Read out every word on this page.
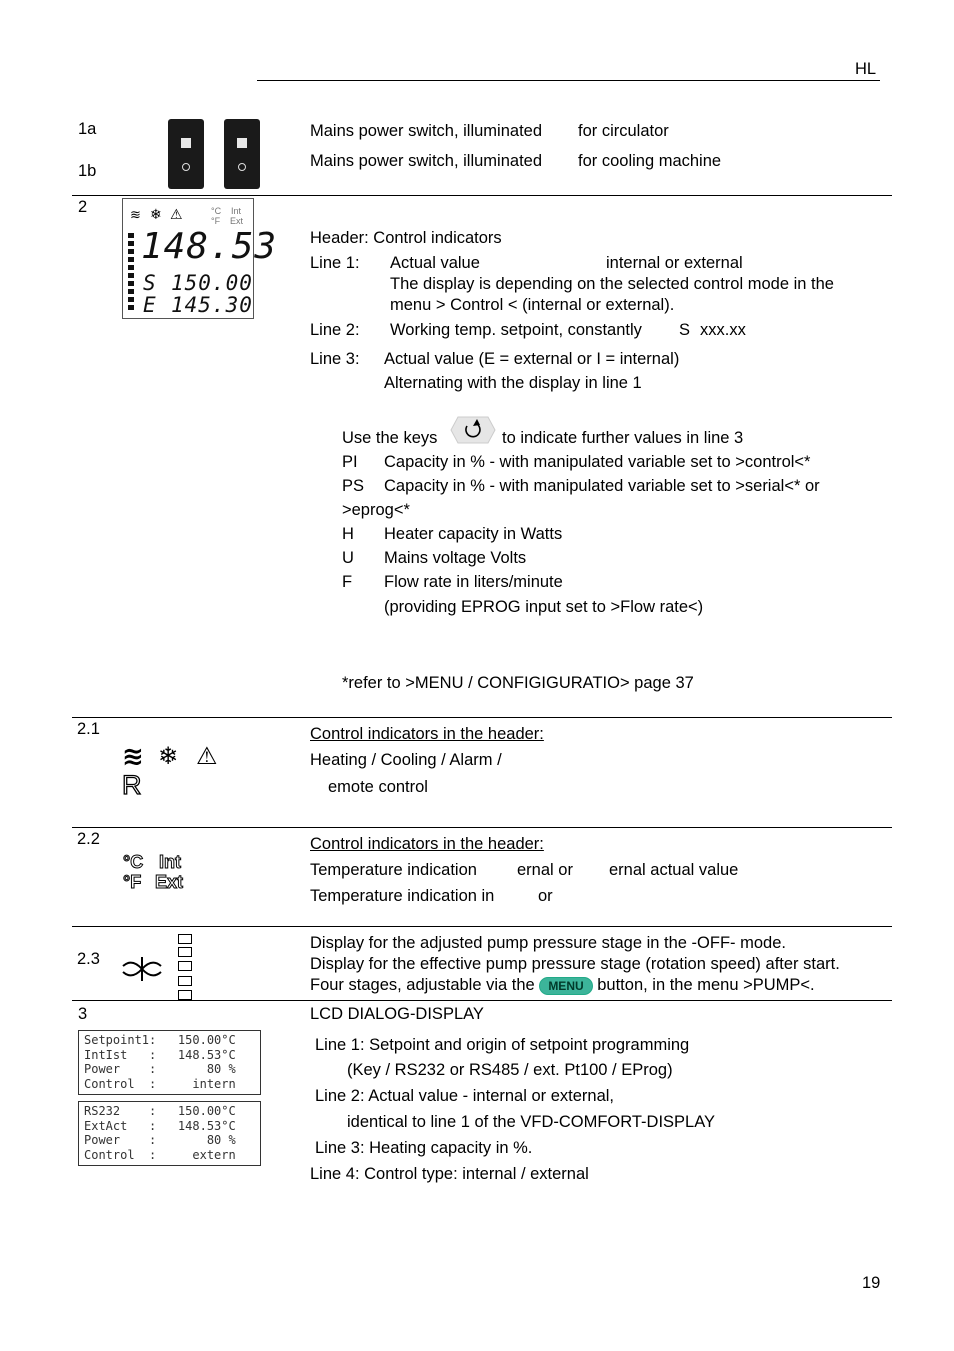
HL
1a
1b
Mains power switch, illuminated for circulator
Mains power switch, illuminated for cooling machine
2	≋ ❄ ⚠	°C
°F
Int
Ext
148.53
S 150.00
E 145.30
Header: Control indicators
Line 1: Actual value	internal or external
The display is depending on the selected control mode in the
menu > Control < (internal or external).
Line 2: Working temp. setpoint, constantly S xxx.xx
Line 3: Actual value (E = external or I = internal)
Alternating with the display in line 1
Use the keys	to indicate further values in line 3
PI Capacity in % - with manipulated variable set to >control<*
PS Capacity in % - with manipulated variable set to >serial<* or
>eprog<*
H Heater capacity in Watts
U Mains voltage Volts
F Flow rate in liters/minute
(providing EPROG input set to >Flow rate<)
*refer to >MENU / CONFIGIGURATIO> page 37
2.1
≋ ❄ ⚠
R
Control indicators in the header:
Heating / Cooling / Alarm /
emote control
2.2
°C Int
°F Ext
Control indicators in the header:
Temperature indication ernal or ernal actual value
Temperature indication in	or
2.3
Display for the adjusted pump pressure stage in the -OFF- mode.
Display for the effective pump pressure stage (rotation speed) after start.
Four stages, adjustable via the MENU button, in the menu >PUMP<.
3	LCD DIALOG-DISPLAY
Setpoint1:   150.00°C
IntIst   :   148.53°C
Power    :       80 %
Control  :     intern
RS232    :   150.00°C
ExtAct   :   148.53°C
Power    :       80 %
Control  :     extern
Line 1: Setpoint and origin of setpoint programming
(Key / RS232 or RS485 / ext. Pt100 / EProg)
Line 2: Actual value - internal or external,
identical to line 1 of the VFD-COMFORT-DISPLAY
Line 3: Heating capacity in %.
Line 4: Control type: internal / external
19
